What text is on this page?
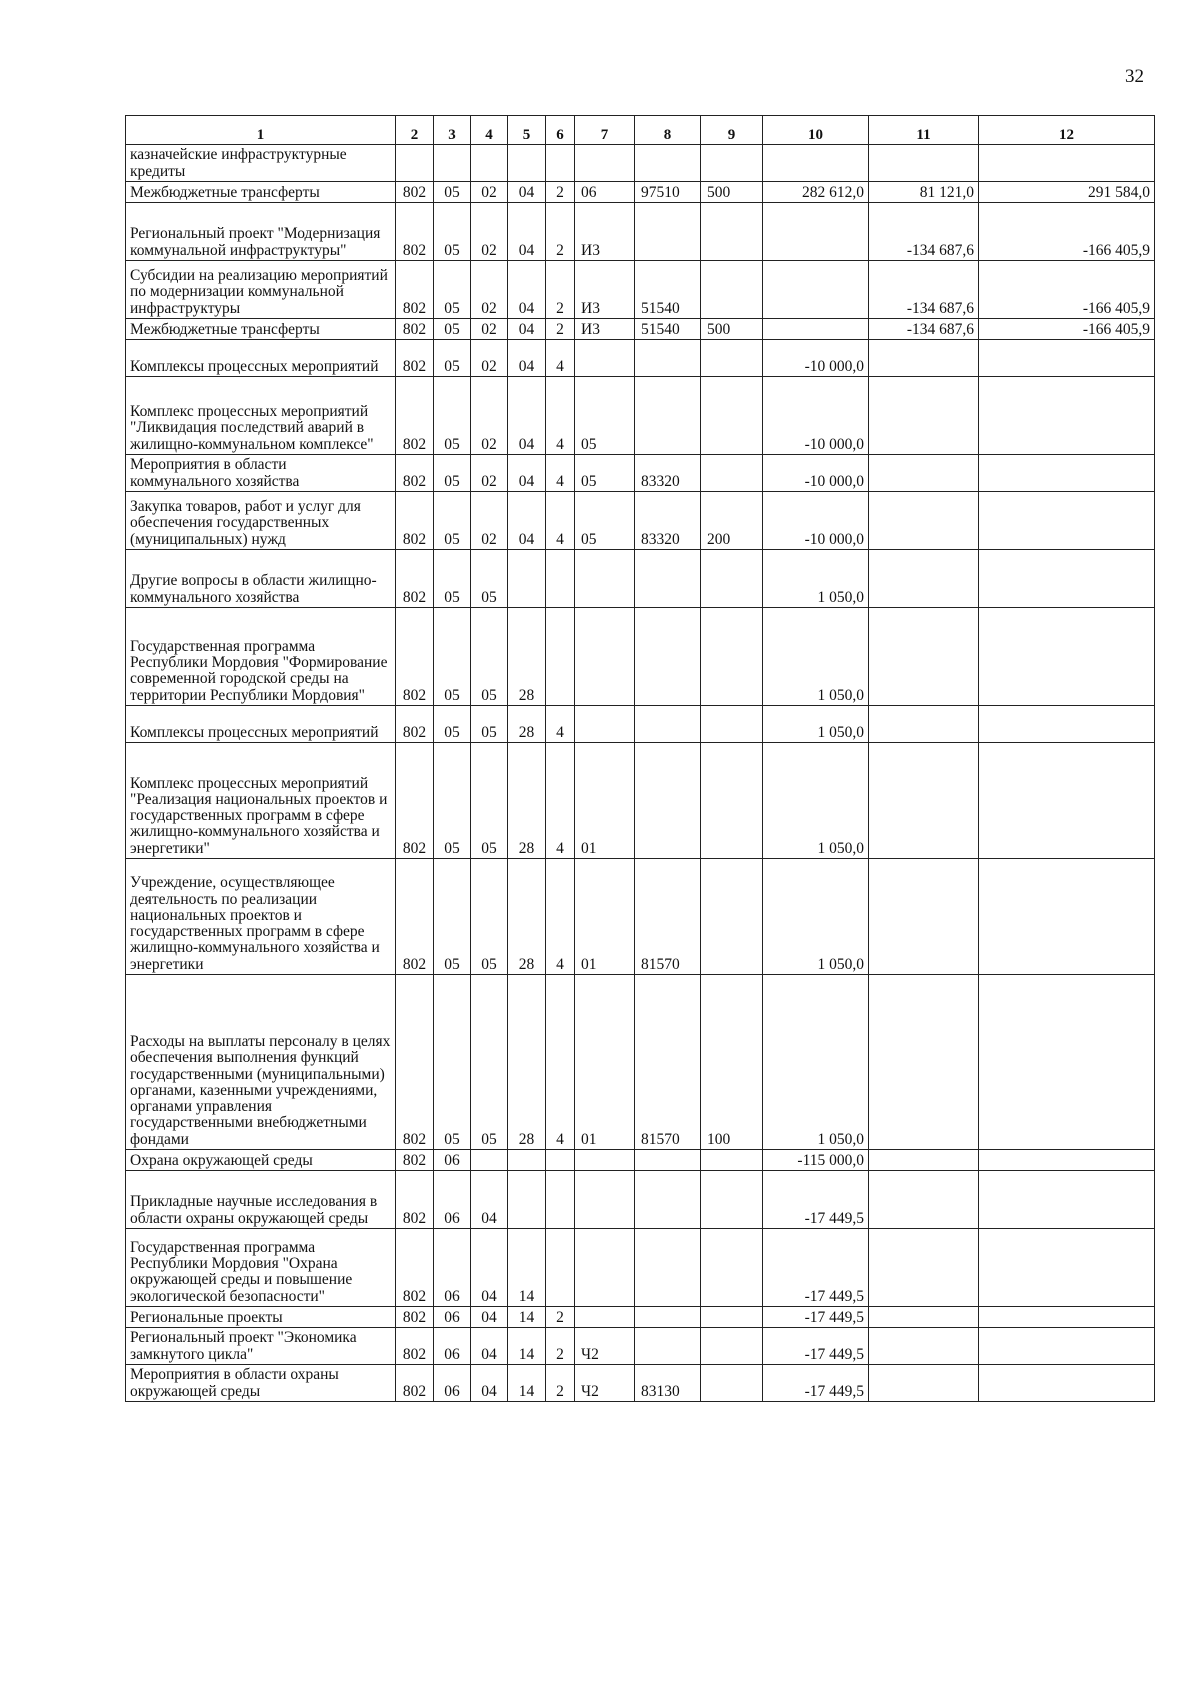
32
1	2	3	4	5	6	7	8	9	10	11	12
казначейские инфраструктурные кредиты											
Межбюджетные трансферты	802	05	02	04	2	06	97510	500	282 612,0	81 121,0	291 584,0
Региональный проект "Модернизация коммунальной инфраструктуры"	802	05	02	04	2	И3				-134 687,6	-166 405,9
Субсидии на реализацию мероприятий по модернизации коммунальной инфраструктуры	802	05	02	04	2	И3	51540			-134 687,6	-166 405,9
Межбюджетные трансферты	802	05	02	04	2	И3	51540	500		-134 687,6	-166 405,9
Комплексы процессных мероприятий	802	05	02	04	4				-10 000,0		
Комплекс процессных мероприятий "Ликвидация последствий аварий в жилищно-коммунальном комплексе"	802	05	02	04	4	05			-10 000,0		
Мероприятия в области коммунального хозяйства	802	05	02	04	4	05	83320		-10 000,0		
Закупка товаров, работ и услуг для обеспечения государственных (муниципальных) нужд	802	05	02	04	4	05	83320	200	-10 000,0		
Другие вопросы в области жилищно-коммунального хозяйства	802	05	05						1 050,0		
Государственная программа Республики Мордовия "Формирование современной городской среды на территории Республики Мордовия"	802	05	05	28					1 050,0		
Комплексы процессных мероприятий	802	05	05	28	4				1 050,0		
Комплекс процессных мероприятий "Реализация национальных проектов и государственных программ в сфере жилищно-коммунального хозяйства и энергетики"	802	05	05	28	4	01			1 050,0		
Учреждение, осуществляющее деятельность по реализации национальных проектов и государственных программ в сфере жилищно-коммунального хозяйства и энергетики	802	05	05	28	4	01	81570		1 050,0		
Расходы на выплаты персоналу в целях обеспечения выполнения функций государственными (муниципальными) органами, казенными учреждениями, органами управления государственными внебюджетными фондами	802	05	05	28	4	01	81570	100	1 050,0		
Охрана окружающей среды	802	06							-115 000,0		
Прикладные научные исследования в области охраны окружающей среды	802	06	04						-17 449,5		
Государственная программа Республики Мордовия "Охрана окружающей среды и повышение экологической безопасности"	802	06	04	14					-17 449,5		
Региональные проекты	802	06	04	14	2				-17 449,5		
Региональный проект "Экономика замкнутого цикла"	802	06	04	14	2	Ч2			-17 449,5		
Мероприятия в области охраны окружающей среды	802	06	04	14	2	Ч2	83130		-17 449,5		
